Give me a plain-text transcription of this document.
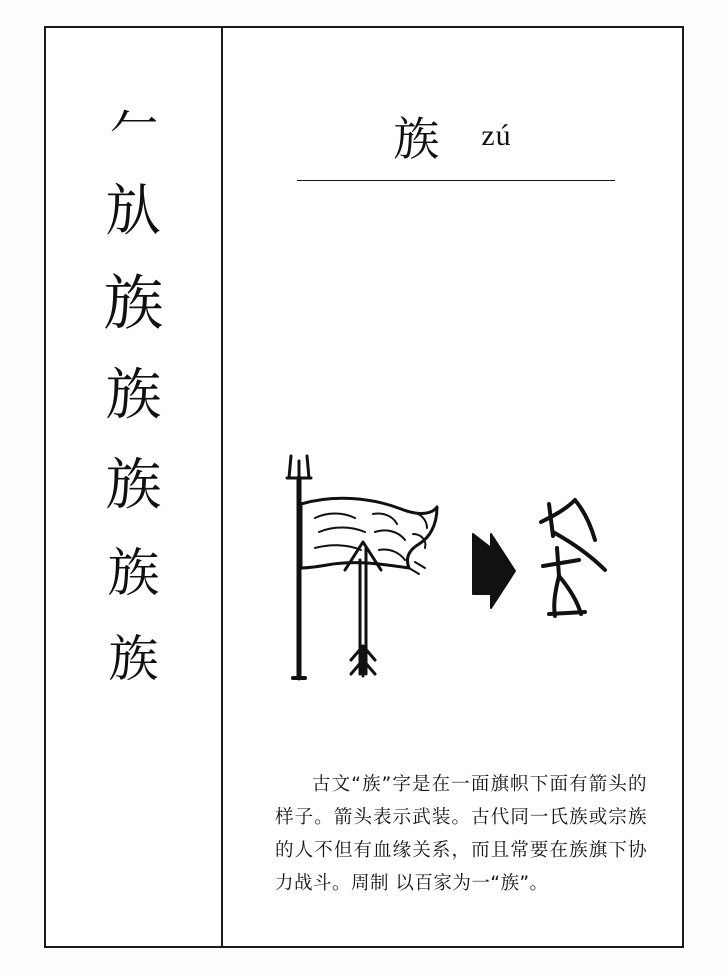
𠂉
㫃
族
族
族
族
族
族 zú
古文“族”字是在一面旗帜下面有箭头的样子。箭头表示武装。古代同一氏族或宗族的人不但有血缘关系，而且常要在族旗下协力战斗。周制 以百家为一“族”。
